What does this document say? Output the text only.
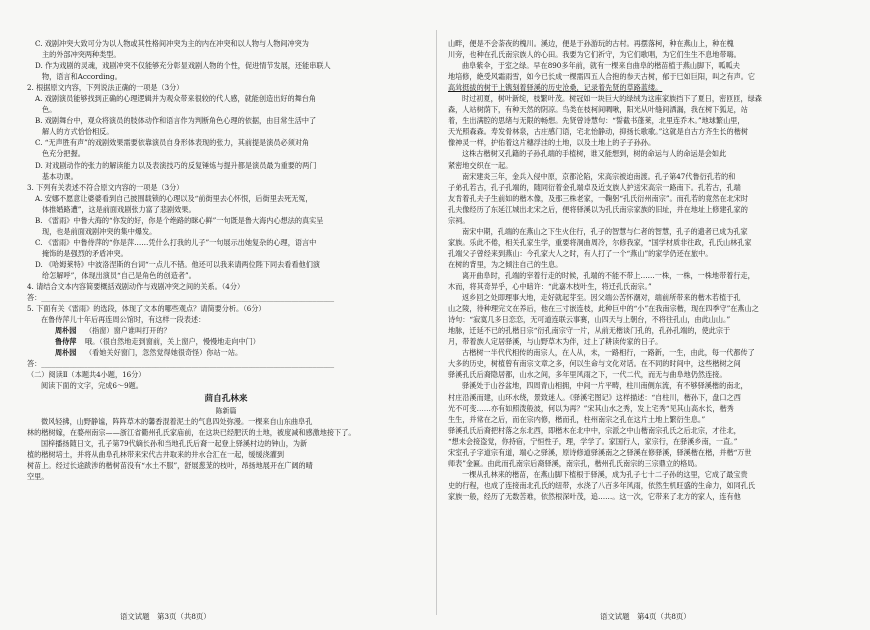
C. 戏剧冲突大致可分为以人物或其性格间冲突为主的内在冲突和以人物与人物间冲突为

主的外部冲突两种类型。

D. 作为戏剧的灵魂，戏剧冲突不仅能够充分彰显戏剧人物的个性，促进情节发展，还能串联人

物，语言和According。

2. 根据原文内容，下列说法正确的一项是（3分）

A. 戏剧演员能够找到正确的心理逻辑并为观众带来很较的代人感，就能创造出好的舞台角

色。

B. 戏剧舞台中，观众将演员的肢体动作和语言作为判断角色心理的依据，由目常生活中了

解人的方式恰恰相反。

C. “无声胜有声”的戏剧效果需要依靠演员自身形体表现的张力，其前提是演员必须对角

色充分把握。

D. 对戏剧动作的张力的解读能力以及表演技巧的反复锤炼与提升都是演员最为重要的两门

基本功课。

3. 下列有关表述不符合原文内容的一项是（3分）

A. 安娜不愿意让婆婆看到自己披围载锁的心理以及“前街里去心怀恨，后街里去死无冤，

体推婚路遭”，这是前面戏剧张力富了悲剧效果。

B. 《雷雨》中鲁大海的“你发的好，你是个绝路的眯心鲜”一句既是鲁大海内心想法的真实呈

现，也是前面戏剧冲突的集中爆发。

C. 《雷雨》中鲁侍萍的“你是萍……凭什么打我的儿子”一句展示出她复杂的心理，语言中

掩饰的是强烈的矛盾冲突。

D. 《哈姆莱特》中波洛涅斯的台词“一点儿不错。他还可以我来请两位陛下同去看看他们演

给怎解呼”，体现出演员“自己是角色的创造者”。

4. 请结合文本内容简要概括戏剧动作与戏剧冲突之间的关系。（4分）

答：__________________________________________________________________________________

5. 下面有关《雷雨》的选段，体现了文本的哪些观点？请简要分析。（6分）

在鲁侍萍儿十年后再连周公馆时，有这样一段表述：

周朴园 （指窗）窗户谁叫打开的？

鲁侍萍 哦。（很自然地走到窗前，关上窗户，慢慢地走向中门）

周朴园 （看她关好窗门，忽然觉得她很奇怪）你站一站。

答：__________________________________________________________________________________

（二）阅读Ⅱ（本题共4小题，16分）

阅读下面的文字，完成6～9题。

茴自孔林来

陈新篇

微风轻拂，山野静谧，阵阵草木的馨香混着泥土的气息四处弥漫。一棵来自山东曲阜孔

林的楷树嫁，在婺州南宗——浙江省衢州孔氏家庙前，在这块已经肥沃的土地，被度减和感激地接下了。

国梓播扬随日文，孔子第79代嫡长孙和当地孔氏后裔一起登上驿溪村边的钟山，为新

植的楷树培土，并将从曲阜孔林带来宋代古井取来的井水合汇在一起，缓缓浇灌到

树苗上。经过长途跋涉的楷树苗没有“水土不服”，舒展葱茏的枝叶，昂扬地展开在广阔的晴

空里。

山畔，便是不会荼夜的槐川。溪边，便是于孙游玩的古村。再摆落柯，种在燕山上，种在槐

川旁，也种在孔氏南宗族人的心田。我要为它们祈守，为它们歌唱，为它们生生不息地带嗨。

曲阜紫伞，于室之绿。早在890多年前，就有一棵来自曲阜的楷苗植于燕山脚下，呱呱夫

地培修，絶受风霜雨雪，如今已长成一棵需四五人合抱的参天古树，郁于巳如巨阳，叫之有声。它

高耸挺拔的树干上镌刻着驿溪的历史沧桑，记录着先贤的草路蓝缕。

时过初夏，树叶新绽，枝繁叶茂。树冠如一块巨大的绿绒为这座家族挡下了夏日，密匝匝，绿森

森，人站树荫下，有种天然的阴凉。鸟类在枝柯间啁啾，阳光从叶缝间洒漏，我在树下狐足，站

着，生出满腔的思绪与无限的畅想。先贤曾诗慧句：“誓截书蓬莱，北里连乔木。”地球繁山里，

天光照森森。寿发骨林泉，古庄感门语，宅北怡静动，抑扬长歌歌。”这就是自古方齐生长的楷树

像神灵一样，护佑着这片穗浮洼的土地，以及土地上的子子孙孙。

这株古楷树又孔籍的子孙孔端的手植树，谁又能想到，树的命运与人的命运是会如此

紧密地交织在一起。

南宋建炎三年，金兵入侵中原，京都沦陷，宋高宗被迫南渡。孔子第47代鲁衍孔若的和

子弟孔若古，孔子孔端的，随同衍着金孔端卓及近支族人护送宋高宗一路南下。孔若古，孔端

友肯着孔夫子生前如的楷木像，及那三株老家，一鞠躬“孔氏衍州南宗”。而孔若的竟然在北宋时

孔夫像经历了东延江城出北宋之后，便将驿溪以为孔氏南宗家族的旧址，并在地址上修建孔家的

宗祠。

南宋中期，孔端的在燕山之下生火住行，孔子的智慧与仁者的智慧，孔子的遗者已成为孔家

家族。乐此不倦，相关孔家生学，重要将洞曲周冷，尔修我家，“国学材质非往政，孔氏山林孔家

孔端父子曾经来到燕山：今孔家大人之时，有人打了一个“燕山”的家学仍还在旅中。

在树的背里，为之倾注自己的生息。

离开曲阜时，孔端的宰着行走的时候，孔端的不能不带上……一株，一株，一株地带着行走，

木而，将其奇异乎，心中暗许：“此嘉木枝叶生，将迁孔氏南宗。”

返乡回之处即理事大地，走好就起芽至。因父端公苦怀潮对，端前所带来的楷木若植于孔

山之陵，待种理完文在养后，他在三寸嵌连枝，此种巨中的“小”在我南宗楷，现在四季守”在燕山之

诗句：“寂寞几多日恋恋，无可道连联云事赛，山四天与上朝台，不将往孔山，由此山山。”

地脉，迁延不已的孔楷日宗“衍孔南宗守一片，从前无楷谈门孔的，孔孙孔端的，使此宗于

月，带着族人定居驿溪，与山野草木为伴，过上了耕读传家的日子。

古楷树一半代代相传的南宗人，在人从，未，一路相行，一路新，一生，由此，每一代都传了

大多的历史，树植曾有南宗文章之多，何以生命与文化对话。在不同的时间中，这些楷树之间

驿溪孔氏后裔隐居都，山水之间，多年里风雨之下，一代二代，而无与曲阜地仍然连接。

驿溪处于山谷盆地，四周青山相拥，中间一片平畴，柱川南侧东流，有不够驿溪楷的南北，

村庄沿溪而建，山环水绕，景致迷人。《驿溪宅图记》这样描述：“自柱川，楷孙下，盘口之西

光不可变……亦有如照泼般波，何以为再？”宋其山水之秀，发上宅秀“见其山高水长，楷秀

生生，并常在之后，而在宗内修，楷而孔，柱州南宗之孔在这片土地上繁衍生息。”

驿溪孔氏后裔把村落之东北西，即楷木在北中中，宗派之中山楷南宗孔氏之后北宗，才往北，

“想未会接盗觉，你持宿，宁恒性子，理，学学了。家国行人，家宗行，在驿溪乡南，一直。”

宋室孔子字道宗有道，端心之驿溪，原诗修道驿溪南之之驿溪在修驿溪，驿溪楷在楷，并楷“万世

师表”金匾。由此而孔南宗后裔驿溪，南宗孔，楷州孔氏南宗的三宗鼎立的格局。

一棵从孔林来的楷苗，在燕山脚下植根于驿溪，成为孔子七十二子孙的这里，它成了最宝贵

史的行程，也成了连接南北孔氏的纽带，水浇了八百多年风雨，依然生机旺盛的生命力，如同孔氏

家族一般，经历了无数苦难，依然根深叶茂，追……。这一次，它带来了北方的家人，连有他

语文试题　第3页（共8页）	语文试题　第4页（共8页）
